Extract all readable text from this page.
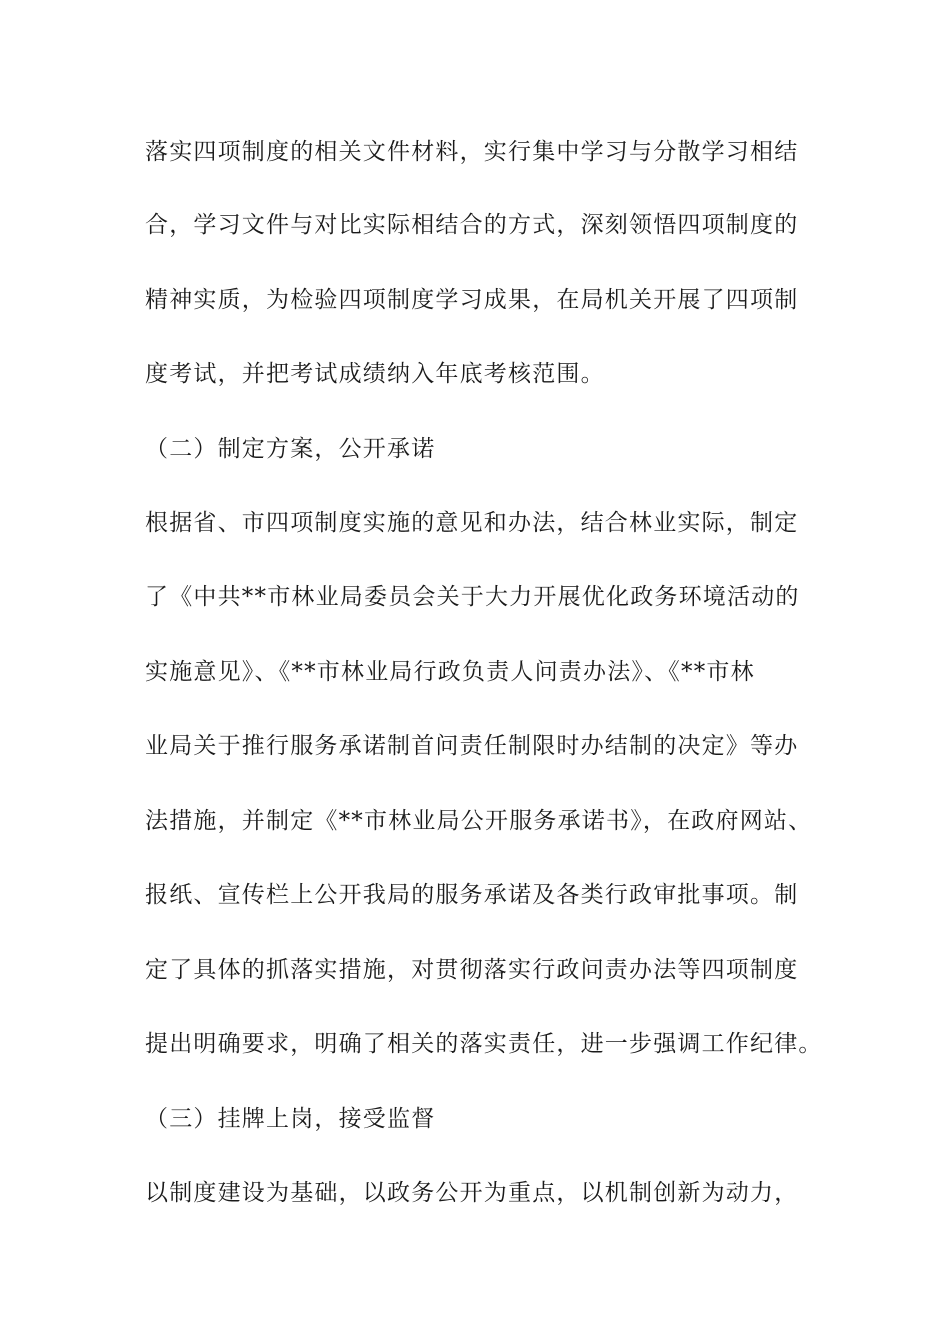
落实四项制度的相关文件材料，实行集中学习与分散学习相结
合，学习文件与对比实际相结合的方式，深刻领悟四项制度的
精神实质，为检验四项制度学习成果，在局机关开展了四项制
度考试，并把考试成绩纳入年底考核范围。
（二）制定方案，公开承诺
根据省、市四项制度实施的意见和办法，结合林业实际，制定
了《中共**市林业局委员会关于大力开展优化政务环境活动的
实施意见》、《**市林业局行政负责人问责办法》、《**市林
业局关于推行服务承诺制首问责任制限时办结制的决定》等办
法措施，并制定《**市林业局公开服务承诺书》，在政府网站、
报纸、宣传栏上公开我局的服务承诺及各类行政审批事项。制
定了具体的抓落实措施，对贯彻落实行政问责办法等四项制度
提出明确要求，明确了相关的落实责任，进一步强调工作纪律。
（三）挂牌上岗，接受监督
以制度建设为基础，以政务公开为重点，以机制创新为动力，
